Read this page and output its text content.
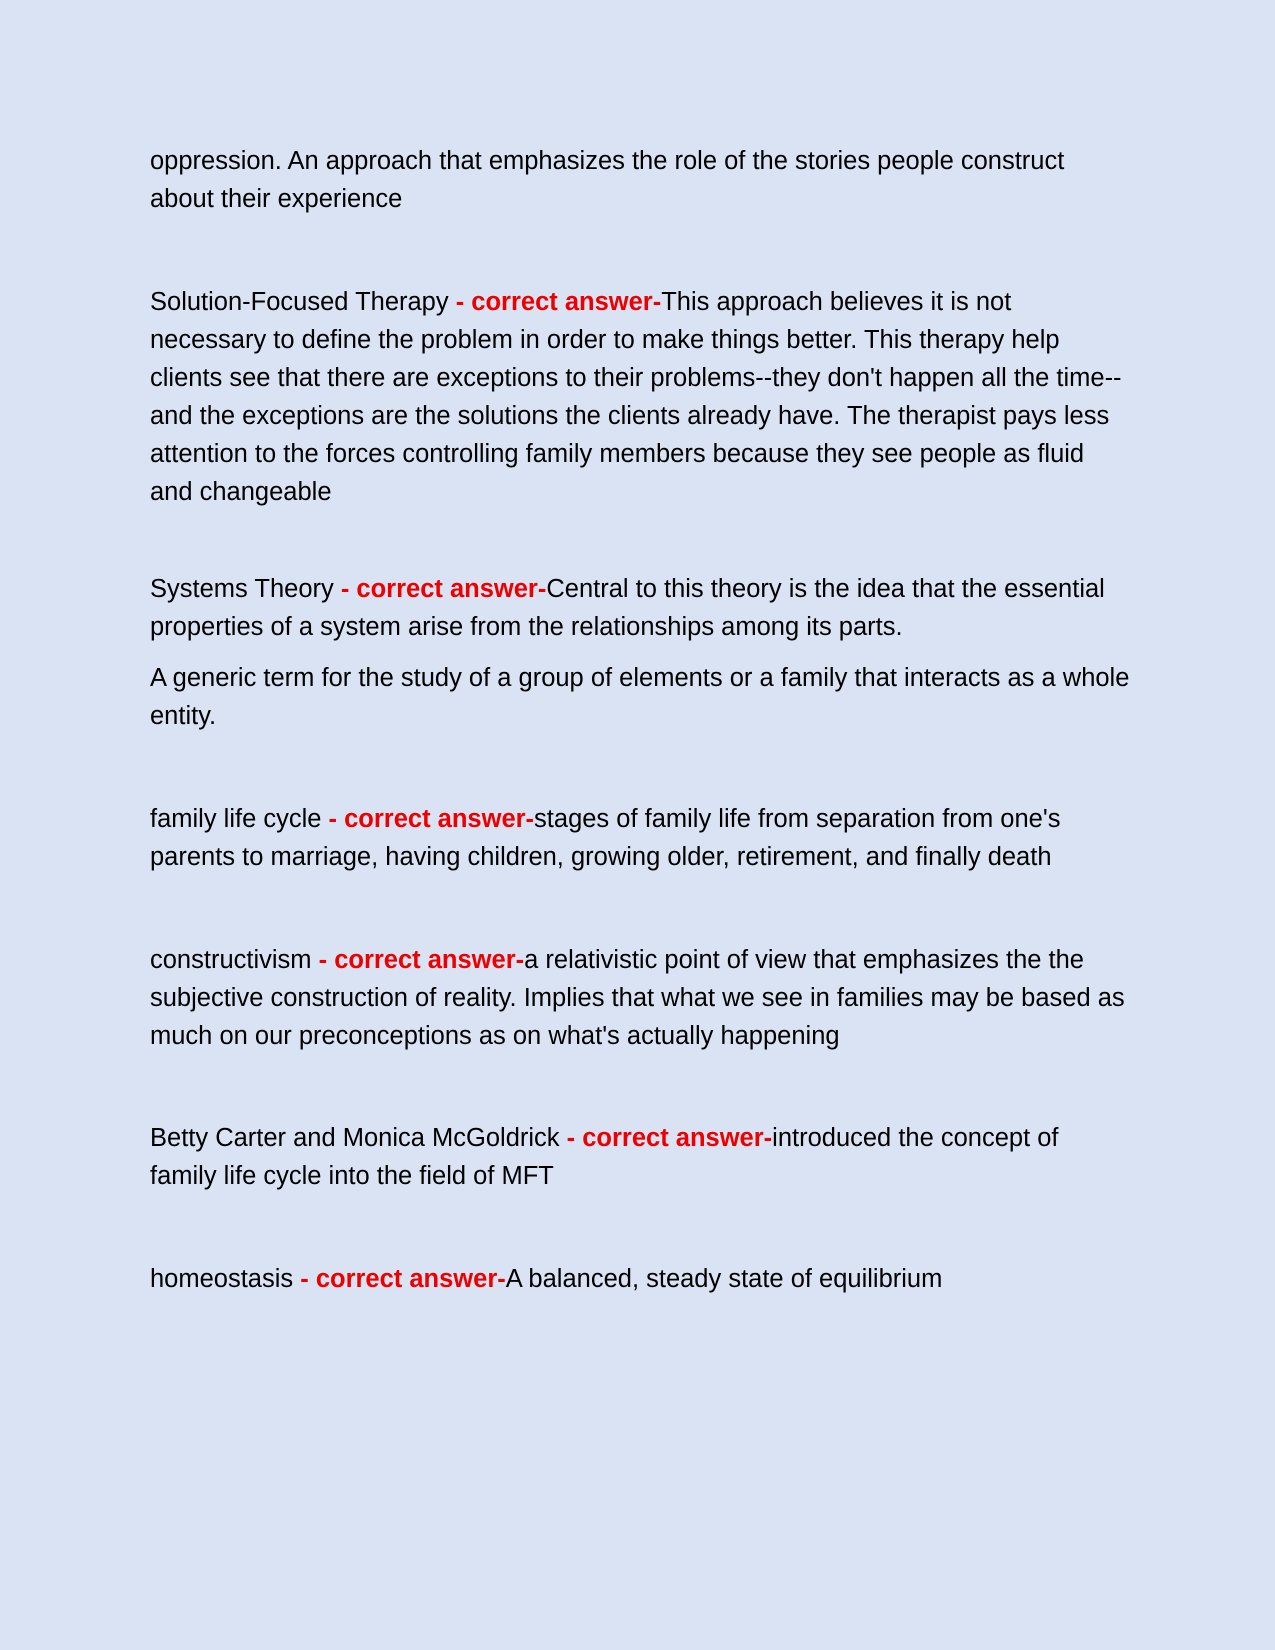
oppression. An approach that emphasizes the role of the stories people construct about their experience

Solution-Focused Therapy - correct answer-This approach believes it is not necessary to define the problem in order to make things better. This therapy help clients see that there are exceptions to their problems--they don't happen all the time--and the exceptions are the solutions the clients already have. The therapist pays less attention to the forces controlling family members because they see people as fluid and changeable

Systems Theory - correct answer-Central to this theory is the idea that the essential properties of a system arise from the relationships among its parts.

A generic term for the study of a group of elements or a family that interacts as a whole entity.

family life cycle - correct answer-stages of family life from separation from one's parents to marriage, having children, growing older, retirement, and finally death

constructivism - correct answer-a relativistic point of view that emphasizes the the subjective construction of reality. Implies that what we see in families may be based as much on our preconceptions as on what's actually happening

Betty Carter and Monica McGoldrick - correct answer-introduced the concept of family life cycle into the field of MFT

homeostasis - correct answer-A balanced, steady state of equilibrium
